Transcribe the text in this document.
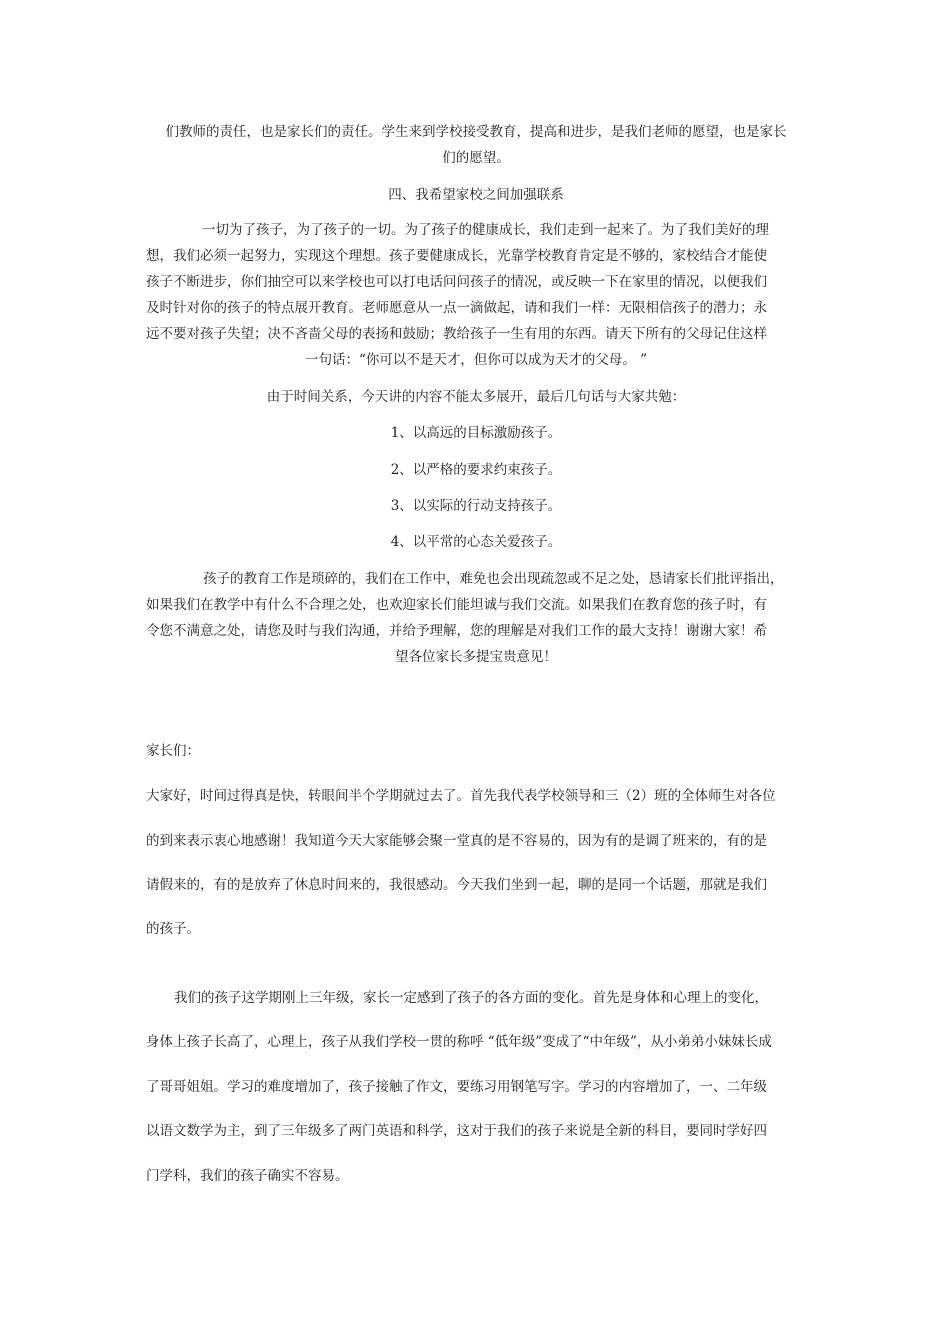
们教师的责任，也是家长们的责任。学生来到学校接受教育，提高和进步，是我们老师的愿望，也是家长
们的愿望。
四、我希望家校之间加强联系
一切为了孩子，为了孩子的一切。为了孩子的健康成长，我们走到一起来了。为了我们美好的理
想，我们必须一起努力，实现这个理想。孩子要健康成长，光靠学校教育肯定是不够的，家校结合才能使
孩子不断进步，你们抽空可以来学校也可以打电话问问孩子的情况，或反映一下在家里的情况，以便我们
及时针对你的孩子的特点展开教育。老师愿意从一点一滴做起，请和我们一样：无限相信孩子的潜力；永
远不要对孩子失望；决不吝啬父母的表扬和鼓励；教给孩子一生有用的东西。请天下所有的父母记住这样
一句话：“你可以不是天才，但你可以成为天才的父母。 ”
由于时间关系，今天讲的内容不能太多展开，最后几句话与大家共勉：
1、以高远的目标激励孩子。
2、以严格的要求约束孩子。
3、以实际的行动支持孩子。
4、以平常的心态关爱孩子。
孩子的教育工作是琐碎的，我们在工作中，难免也会出现疏忽或不足之处，恳请家长们批评指出，
如果我们在教学中有什么不合理之处，也欢迎家长们能坦诚与我们交流。如果我们在教育您的孩子时，有
令您不满意之处，请您及时与我们沟通，并给予理解，您的理解是对我们工作的最大支持！谢谢大家！希
望各位家长多提宝贵意见！
家长们：
大家好，时间过得真是快，转眼间半个学期就过去了。首先我代表学校领导和三（2）班的全体师生对各位
的到来表示衷心地感谢！我知道今天大家能够会聚一堂真的是不容易的，因为有的是调了班来的，有的是
请假来的，有的是放弃了休息时间来的，我很感动。今天我们坐到一起，聊的是同一个话题，那就是我们
的孩子。
我们的孩子这学期刚上三年级，家长一定感到了孩子的各方面的变化。首先是身体和心理上的变化，
身体上孩子长高了，心理上，孩子从我们学校一贯的称呼 “低年级”变成了“中年级”，从小弟弟小妹妹长成
了哥哥姐姐。学习的难度增加了，孩子接触了作文，要练习用钢笔写字。学习的内容增加了，一、二年级
以语文数学为主，到了三年级多了两门英语和科学，这对于我们的孩子来说是全新的科目，要同时学好四
门学科，我们的孩子确实不容易。
